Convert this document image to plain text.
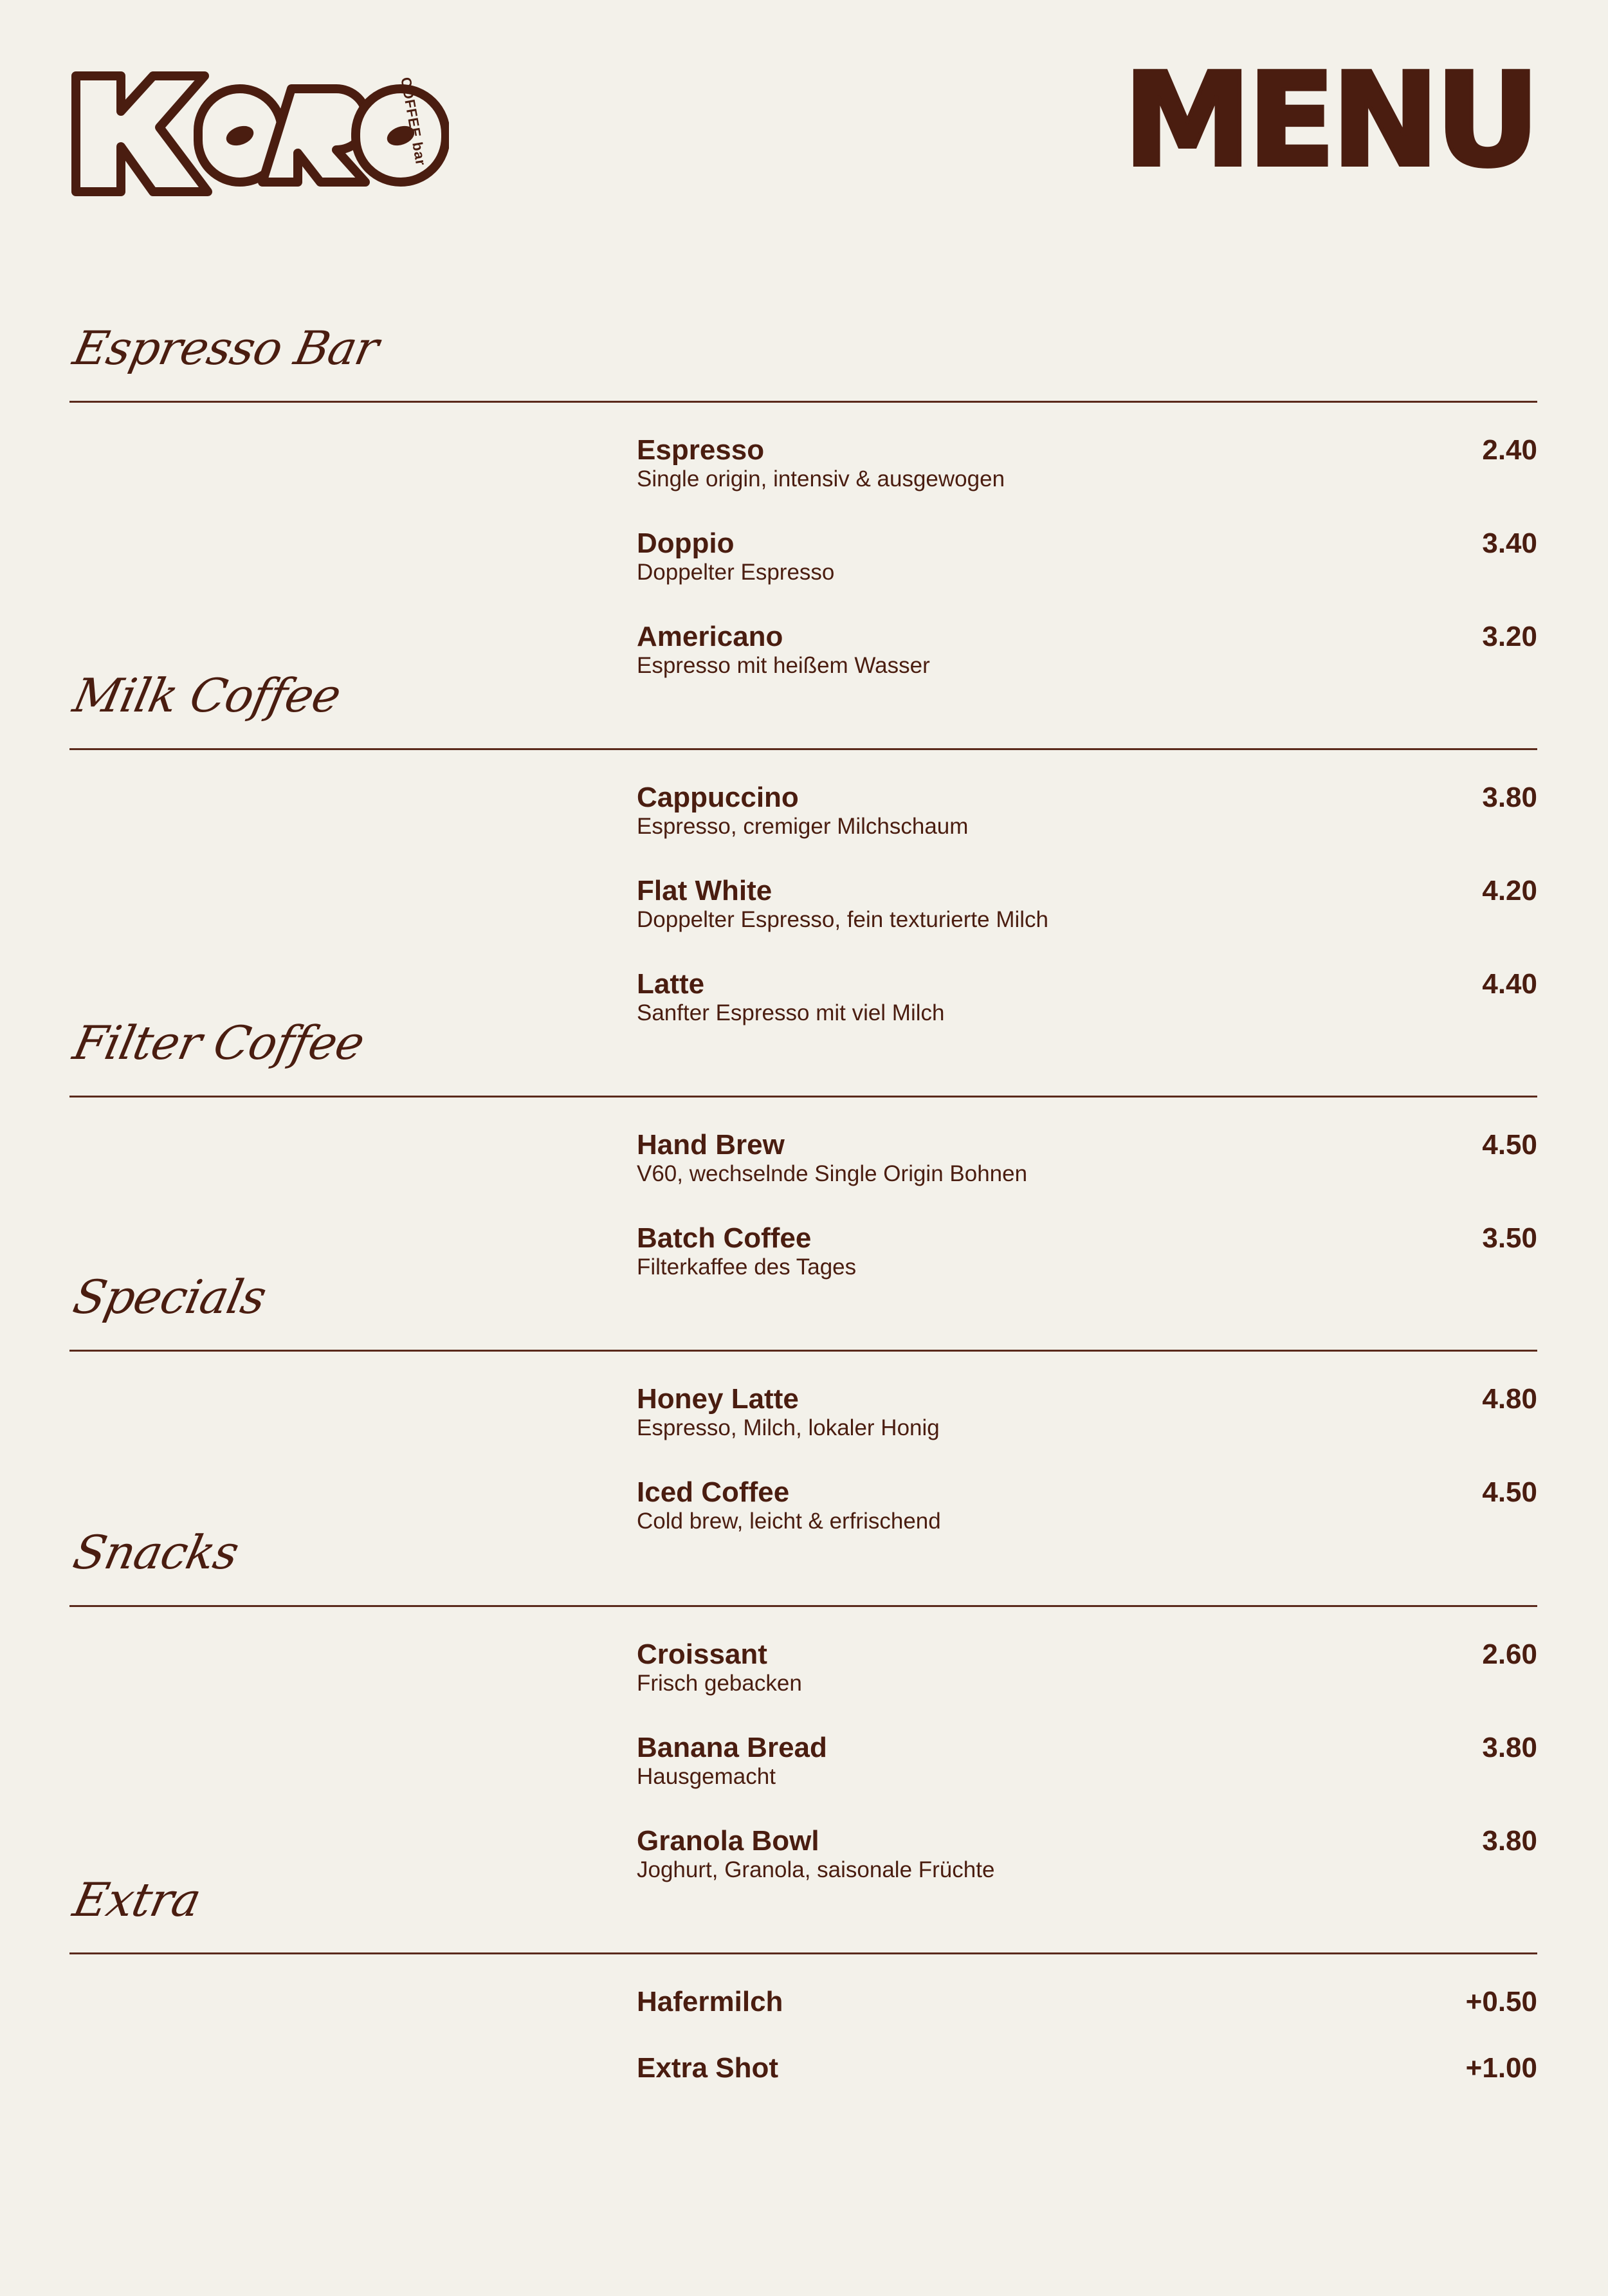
COFFEE bar	MENU
Espresso Bar
Espresso
Single origin, intensiv & ausgewogen
2.40
Doppio
Doppelter Espresso
3.40
Americano
Espresso mit heißem Wasser
3.20
Milk Coffee
Cappuccino
Espresso, cremiger Milchschaum
3.80
Flat White
Doppelter Espresso, fein texturierte Milch
4.20
Latte
Sanfter Espresso mit viel Milch
4.40
Filter Coffee
Hand Brew
V60, wechselnde Single Origin Bohnen
4.50
Batch Coffee
Filterkaffee des Tages
3.50
Specials
Honey Latte
Espresso, Milch, lokaler Honig
4.80
Iced Coffee
Cold brew, leicht & erfrischend
4.50
Snacks
Croissant
Frisch gebacken
2.60
Banana Bread
Hausgemacht
3.80
Granola Bowl
Joghurt, Granola, saisonale Früchte
3.80
Extra
Hafermilch	+0.50
Extra Shot	+1.00
